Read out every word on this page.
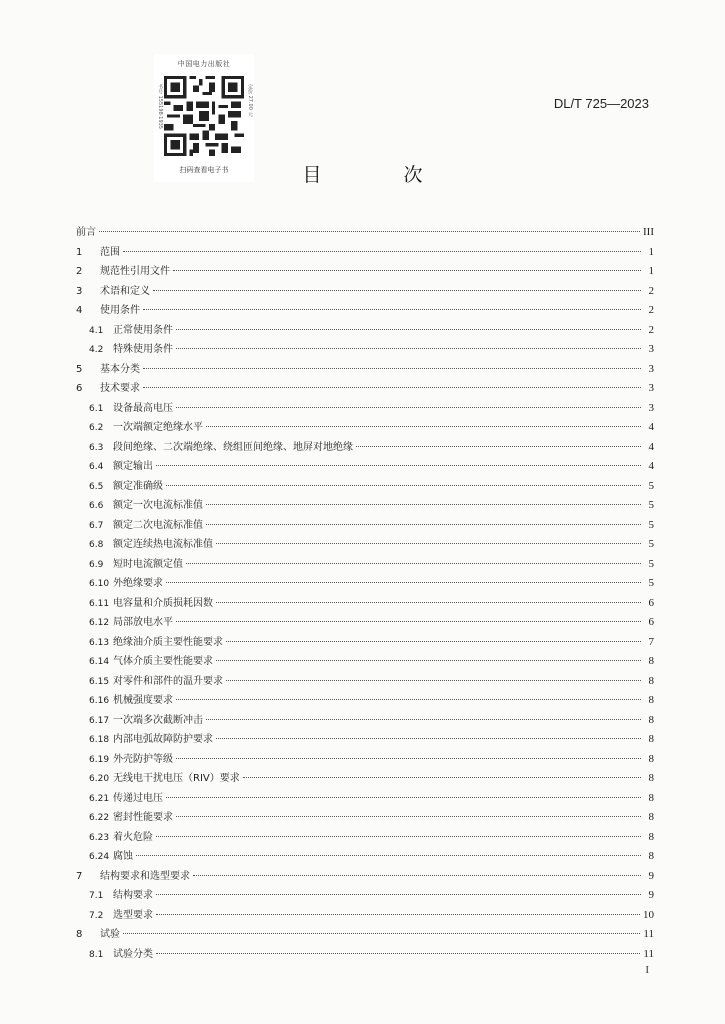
中国电力出版社
书号 155198·1935	定价 27.00 元
扫码查看电子书
DL/T 725—2023
目 次
前言	III
1	范围	1
2	规范性引用文件	1
3	术语和定义	2
4	使用条件	2
4.1 正常使用条件	2
4.2 特殊使用条件	3
5	基本分类	3
6	技术要求	3
6.1 设备最高电压	3
6.2 一次端额定绝缘水平	4
6.3 段间绝缘、二次端绝缘、绕组匝间绝缘、地屏对地绝缘	4
6.4 额定输出	4
6.5 额定准确级	5
6.6 额定一次电流标准值	5
6.7 额定二次电流标准值	5
6.8 额定连续热电流标准值	5
6.9 短时电流额定值	5
6.10 外绝缘要求	5
6.11 电容量和介质损耗因数	6
6.12 局部放电水平	6
6.13 绝缘油介质主要性能要求	7
6.14 气体介质主要性能要求	8
6.15 对零件和部件的温升要求	8
6.16 机械强度要求	8
6.17 一次端多次截断冲击	8
6.18 内部电弧故障防护要求	8
6.19 外壳防护等级	8
6.20 无线电干扰电压（RIV）要求	8
6.21 传递过电压	8
6.22 密封性能要求	8
6.23 着火危险	8
6.24 腐蚀	8
7	结构要求和选型要求	9
7.1 结构要求	9
7.2 选型要求	10
8	试验	11
8.1 试验分类	11
I
